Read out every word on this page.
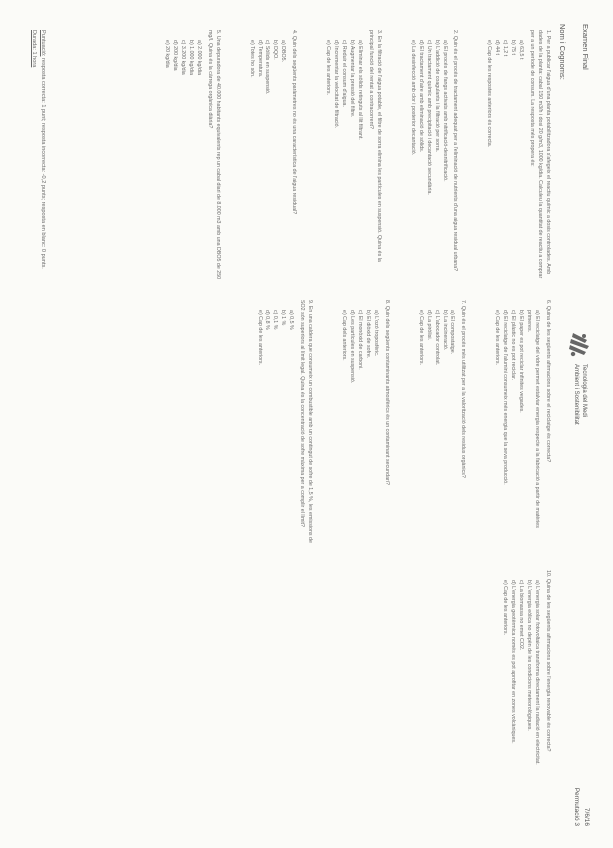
Examen Final
Nom i Cognoms:
Tecnologia del Medi
Ambient i Sostenibilitat
7/6/16
Permutació 3

1. Per a publicar l'aigua d'una planta potabilitzadora s'afegeix el reactiu químic a dosis controlades. Amb dades de la planta: cabal 150 m3/h i dosi 20 g/m3, 1000 kg/dia. Calculeu la quantitat de reactiu a comprar per a un període de consum. La resposta més propera és:

a) 63,5 t
b) 75 t
c) 1,2 t
d) 44 t
e) Cap de les respostes anteriors és correcta.

2. Quin és el procés de tractament adequat per a l'eliminació de nutrients d'una aigua residual urbana?

a) El procés de fangs activats amb nitrificació-desnitrificació.
b) L'addició de coagulants i la filtració per sorra.
c) Un tractament químic amb precipitació i decantació secundària.
d) El tractament d'aire amb eliminació de sòlids.
e) La desinfecció amb clor i posterior decantació.

3. En la filtració de l'aigua potable, el filtre de sorra elimina les partícules en suspensió. Quina és la principal funció del rentat a contracorrent?

a) Eliminar els sòlids retinguts al llit filtrant.
b) Augmentar la pressió del filtre.
c) Reduir el consum d'aigua.
d) Incrementar la velocitat de filtració.
e) Cap de les anteriors.

4. Quin dels següents paràmetres no és una característica de l'aigua residual?

a) DBO5.
b) DQO.
c) Sòlids en suspensió.
d) Temperatura.
e) Totes ho són.

5. Una depuradora de 40.000 habitants equivalents rep un cabal diari de 8.000 m3 amb una DBO5 de 250 mg/l. Quina és la càrrega orgànica diària?

a) 2.000 kg/dia
b) 1.000 kg/dia
c) 3.200 kg/dia
d) 200 kg/dia
e) 20 kg/dia

6. Quina de les següents afirmacions sobre el reciclatge és correcta?

a) El reciclatge del vidre permet estalviar energia respecte a la fabricació a partir de matèries primeres.
b) El paper es pot reciclar infinites vegades.
c) El plàstic no es pot reciclar.
d) El reciclatge de l'alumini consumeix més energia que la seva producció.
e) Cap de les anteriors.

7. Quin és el procés més utilitzat per a la valorització dels residus orgànics?

a) El compostatge.
b) La incineració.
c) L'abocador controlat.
d) La piròlisi.
e) Cap de les anteriors.

8. Quin dels següents contaminants atmosfèrics és un contaminant secundari?

a) L'ozó troposfèric.
b) El diòxid de sofre.
c) El monòxid de carboni.
d) Les partícules en suspensió.
e) Cap dels anteriors.

9. En una caldera que consumeix un combustible amb un contingut de sofre de 1,5 %, les emissions de SO2 són superiors al límit legal. Quina és la concentració de sofre màxima per a complir el límit?

a) 0,5 %
b) 1 %
c) 0,1 %
d) 0,8 %
e) Cap de les anteriors.

10. Quina de les següents afirmacions sobre l'energia renovable és correcta?

a) L'energia solar fotovoltaica transforma directament la radiació en electricitat.
b) L'energia eòlica no depèn de les condicions meteorològiques.
c) La biomassa no emet CO2.
d) L'energia geotèrmica només es pot aprofitar en zones volcàniques.
e) Cap de les anteriors.
Puntuació: resposta correcta: 1 punt; resposta incorrecta: -0,2 punts; resposta en blanc: 0 punts.
Durada: 1 hora
